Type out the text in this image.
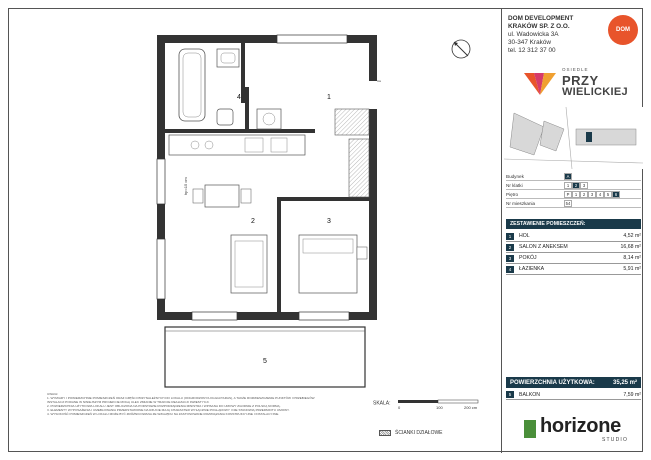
4	1
2	3
5
hp=15 cm
UWAGI:
1. WYMIARY I POWIERZCHNIE POMIESZCZEŃ ORAZ CZĘŚCI PRZYNALEŻNYCH DO LOKALU (ODGRODZONY/LOGGIA/TARAS), A TAKŻE ROZMIESZCZENIE PUNKTÓW I PRZEBIEGÓW
INSTALACJI PODANE W NINIEJSZYM PROJEKCIE MOGĄ ULEC ZMIANIE W TRAKCIE REALIZACJI INWESTYCJI.
2. POWIERZCHNIA UŻYTKOWA LOKALU JEST OBLICZONA NA PODSTAWIE ROZPORZĄDZENIA MINISTRA I WPISANA DO UMOWY ZGODNIE Z POLSKĄ NORMĄ.
3. ELEMENTY WYPOSAŻENIA I UMEBLOWANIA PRZEDSTAWIONE NA RZUCIE MAJĄ CHARAKTER WYŁĄCZNIE POGLĄDOWY I NIE STANOWIĄ PRZEDMIOTU UMOWY.
4. WYSOKOŚĆ POMIESZCZEŃ W LOKALU MOŻE BYĆ ZRÓŻNICOWANA ZE WZGLĘDU NA ZASTOSOWANE ROZWIĄZANIA KONSTRUKCYJNE I INSTALACYJNE.
SKALA:
0	100	200 cm
ŚCIANKI DZIAŁOWE
DOM DEVELOPMENT
KRAKÓW SP. Z O.O.
ul. Wadowicka 3A
30-347 Kraków
tel. 12 312 37 00
DOM
OSIEDLE
PRZY
WIELICKIEJ
Budynek	A
Nr klatki	1	2	3
Piętro	P	1	2	3	4	5	6
Nr mieszkania	54
ZESTAWIENIE POMIESZCZEŃ:
1	HOL	4,52 m²
2	SALON Z ANEKSEM	16,68 m²
3	POKÓJ	8,14 m²
4	ŁAZIENKA	5,91 m²
POWIERZCHNIA UŻYTKOWA:	35,25 m²
5	BALKON	7,59 m²
horizone
STUDIO
